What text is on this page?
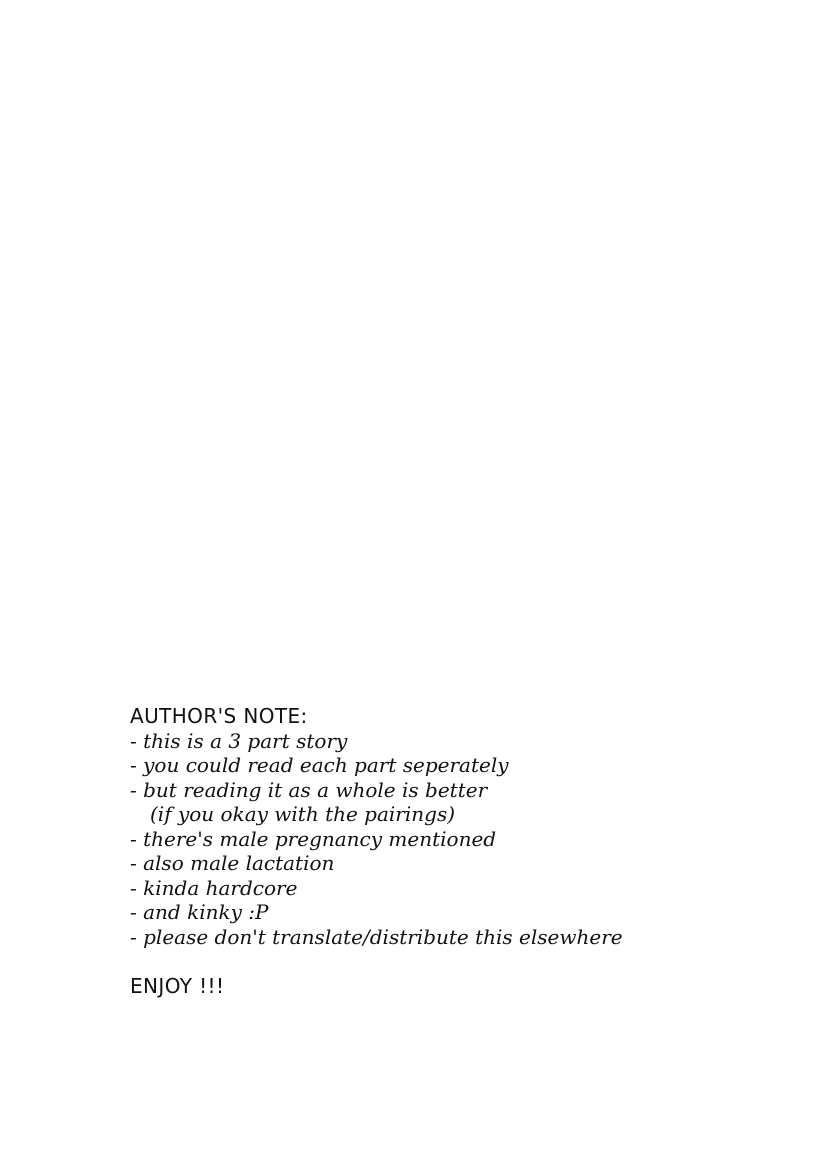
AUTHOR'S NOTE:
- this is a 3 part story
- you could read each part seperately
- but reading it as a whole is better
(if you okay with the pairings)
- there's male pregnancy mentioned
- also male lactation
- kinda hardcore
- and kinky :P
- please don't translate/distribute this elsewhere
ENJOY !!!
